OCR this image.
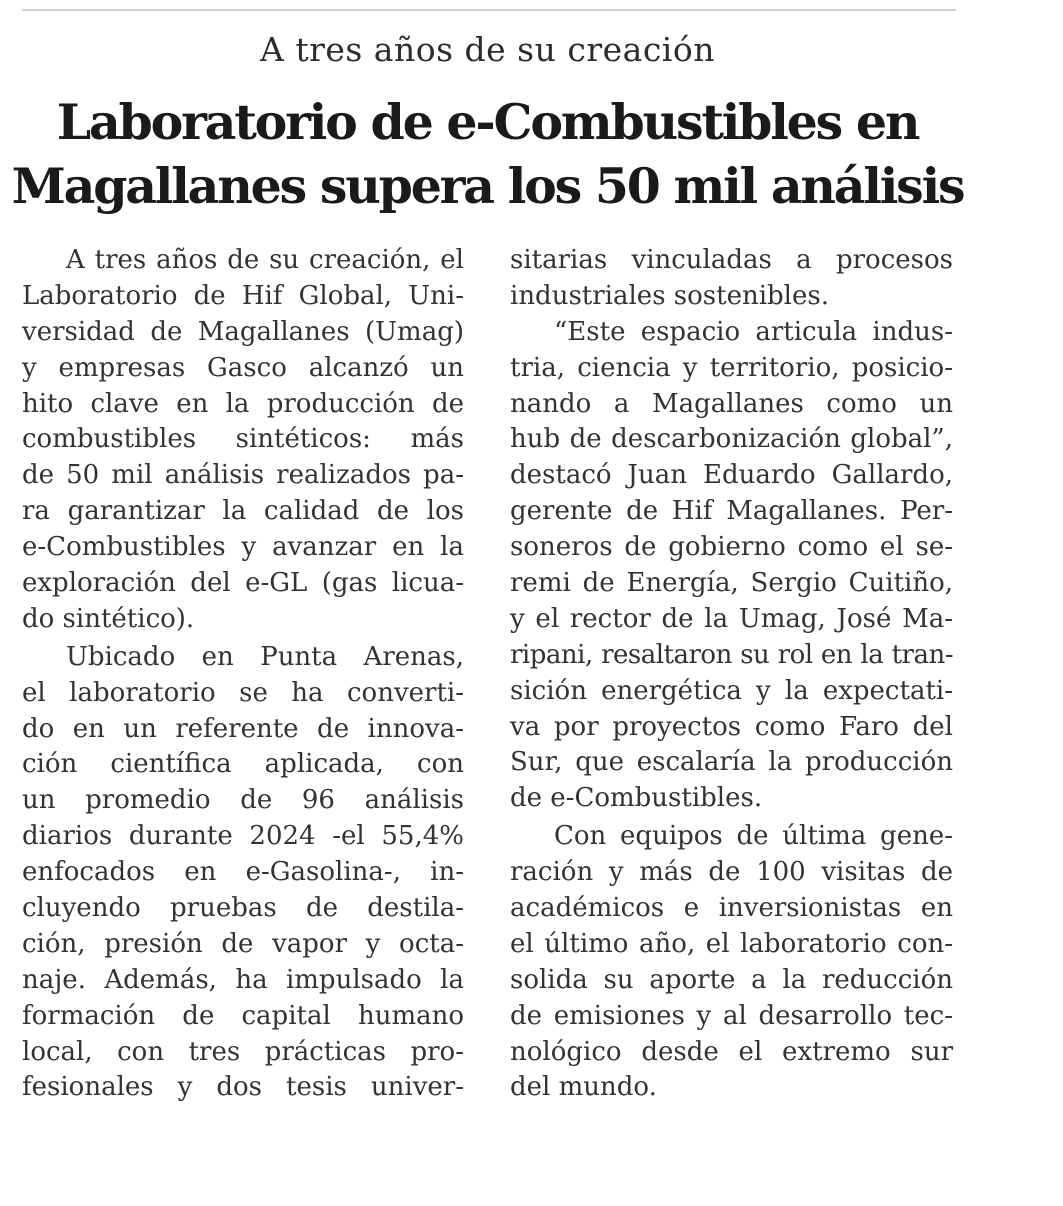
A tres años de su creación
Laboratorio de e-Combustibles en
Magallanes supera los 50 mil análisis
A tres años de su creación, el
Laboratorio de Hif Global, Uni-
versidad de Magallanes (Umag)
y empresas Gasco alcanzó un
hito clave en la producción de
combustibles sintéticos: más
de 50 mil análisis realizados pa-
ra garantizar la calidad de los
e-Combustibles y avanzar en la
exploración del e-GL (gas licua-
do sintético).
Ubicado en Punta Arenas,
el laboratorio se ha converti-
do en un referente de innova-
ción científica aplicada, con
un promedio de 96 análisis
diarios durante 2024 -el 55,4%
enfocados en e-Gasolina-, in-
cluyendo pruebas de destila-
ción, presión de vapor y octa-
naje. Además, ha impulsado la
formación de capital humano
local, con tres prácticas pro-
fesionales y dos tesis univer-
sitarias vinculadas a procesos
industriales sostenibles.
“Este espacio articula indus-
tria, ciencia y territorio, posicio-
nando a Magallanes como un
hub de descarbonización global”,
destacó Juan Eduardo Gallardo,
gerente de Hif Magallanes. Per-
soneros de gobierno como el se-
remi de Energía, Sergio Cuitiño,
y el rector de la Umag, José Ma-
ripani, resaltaron su rol en la tran-
sición energética y la expectati-
va por proyectos como Faro del
Sur, que escalaría la producción
de e-Combustibles.
Con equipos de última gene-
ración y más de 100 visitas de
académicos e inversionistas en
el último año, el laboratorio con-
solida su aporte a la reducción
de emisiones y al desarrollo tec-
nológico desde el extremo sur
del mundo.
